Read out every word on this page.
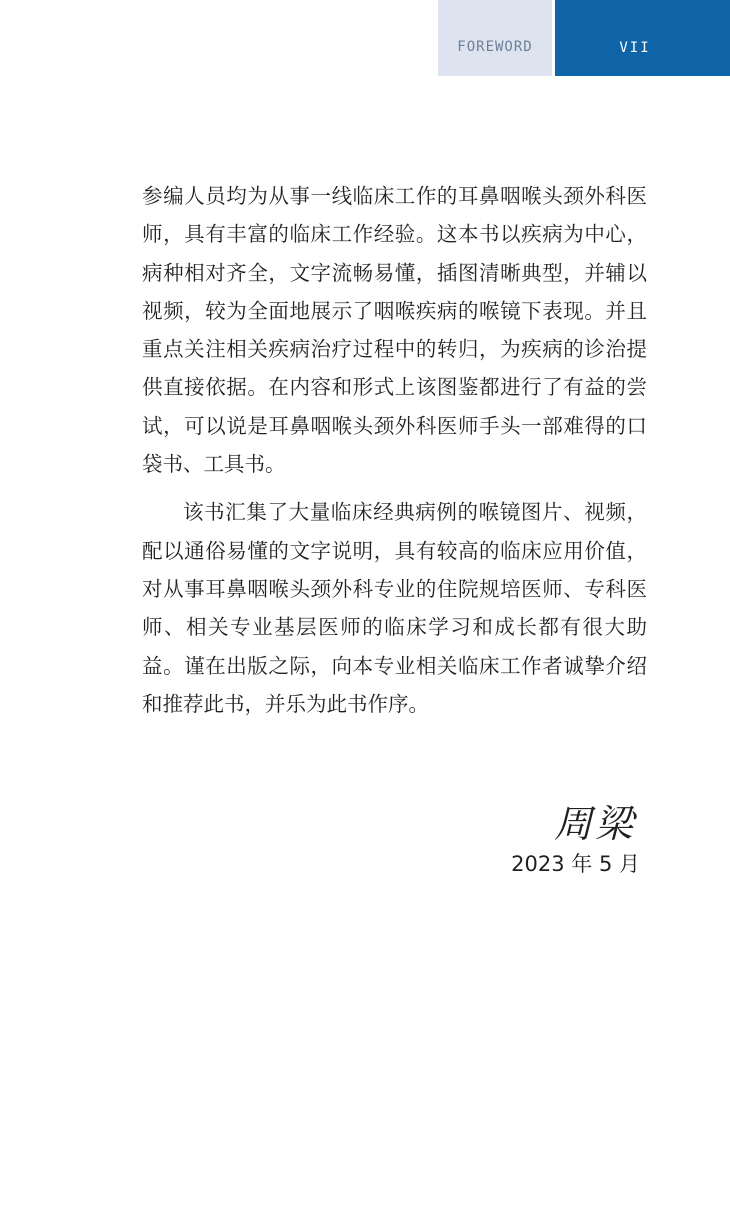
FOREWORD	VII

参编人员均为从事一线临床工作的耳鼻咽喉头颈外科医师，具有丰富的临床工作经验。这本书以疾病为中心，病种相对齐全，文字流畅易懂，插图清晰典型，并辅以视频，较为全面地展示了咽喉疾病的喉镜下表现。并且重点关注相关疾病治疗过程中的转归，为疾病的诊治提供直接依据。在内容和形式上该图鉴都进行了有益的尝试，可以说是耳鼻咽喉头颈外科医师手头一部难得的口袋书、工具书。

该书汇集了大量临床经典病例的喉镜图片、视频，配以通俗易懂的文字说明，具有较高的临床应用价值，对从事耳鼻咽喉头颈外科专业的住院规培医师、专科医师、相关专业基层医师的临床学习和成长都有很大助益。谨在出版之际，向本专业相关临床工作者诚挚介绍和推荐此书，并乐为此书作序。

周梁
2023 年 5 月
